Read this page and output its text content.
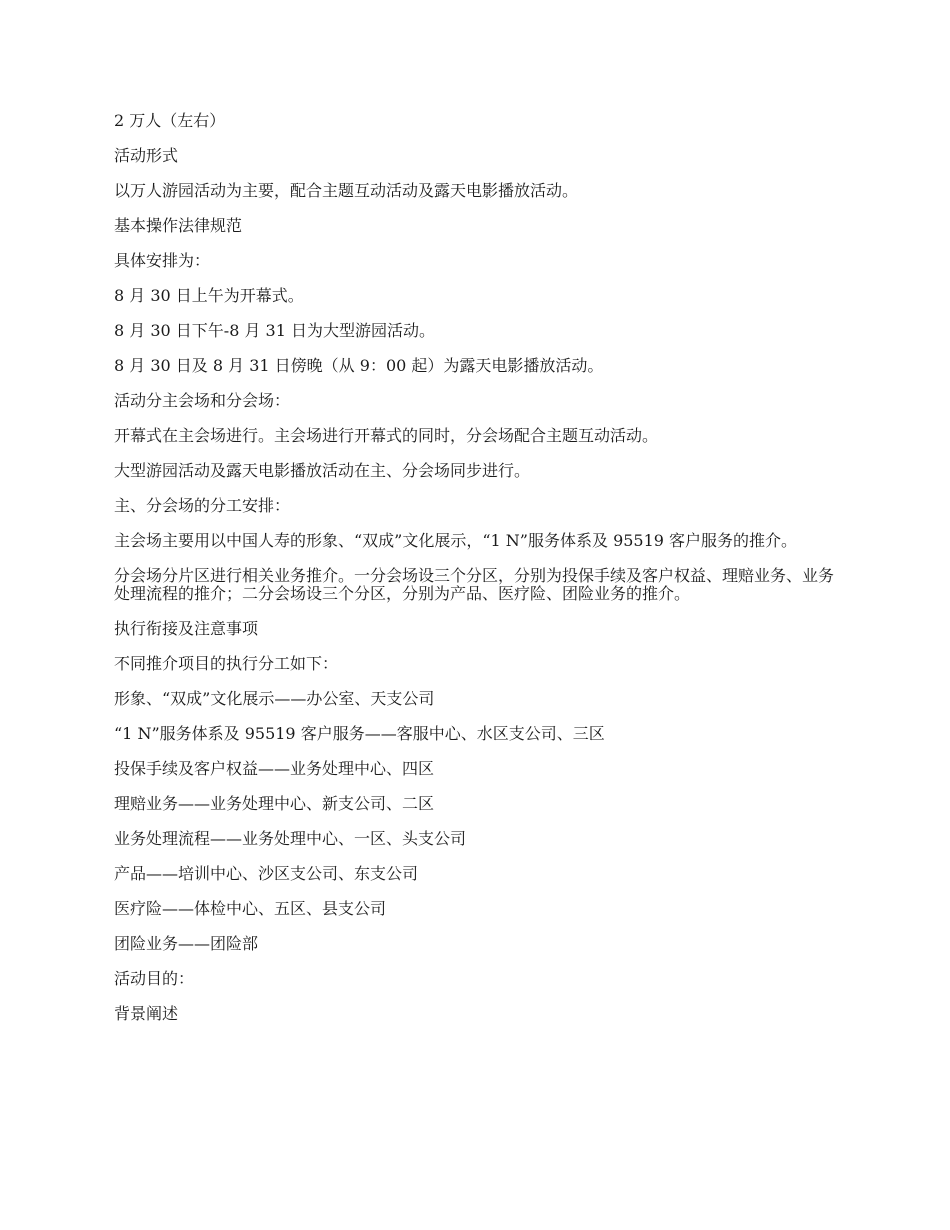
2 万人（左右）

活动形式

以万人游园活动为主要，配合主题互动活动及露天电影播放活动。

基本操作法律规范

具体安排为：

8 月 30 日上午为开幕式。

8 月 30 日下午-8 月 31 日为大型游园活动。

8 月 30 日及 8 月 31 日傍晚（从 9：00 起）为露天电影播放活动。

活动分主会场和分会场：

开幕式在主会场进行。主会场进行开幕式的同时，分会场配合主题互动活动。

大型游园活动及露天电影播放活动在主、分会场同步进行。

主、分会场的分工安排：

主会场主要用以中国人寿的形象、“双成”文化展示，“1 N”服务体系及 95519 客户服务的推介。

分会场分片区进行相关业务推介。一分会场设三个分区，分别为投保手续及客户权益、理赔业务、业务处理流程的推介；二分会场设三个分区，分别为产品、医疗险、团险业务的推介。

执行衔接及注意事项

不同推介项目的执行分工如下：

形象、“双成”文化展示——办公室、天支公司

“1 N”服务体系及 95519 客户服务——客服中心、水区支公司、三区

投保手续及客户权益——业务处理中心、四区

理赔业务——业务处理中心、新支公司、二区

业务处理流程——业务处理中心、一区、头支公司

产品——培训中心、沙区支公司、东支公司

医疗险——体检中心、五区、县支公司

团险业务——团险部

活动目的：

背景阐述
